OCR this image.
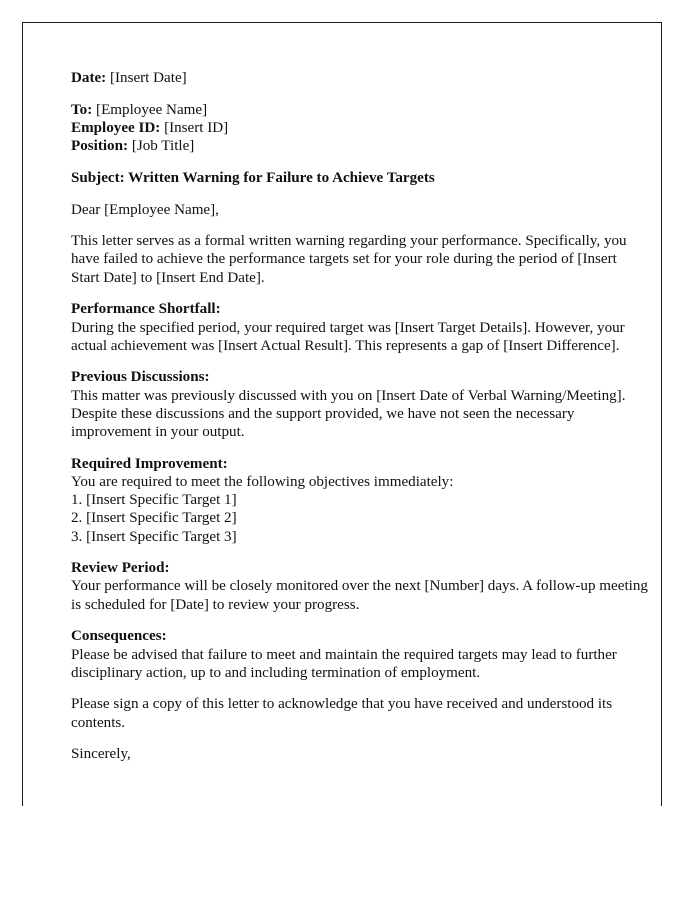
Date: [Insert Date]
To: [Employee Name]
Employee ID: [Insert ID]
Position: [Job Title]
Subject: Written Warning for Failure to Achieve Targets
Dear [Employee Name],

This letter serves as a formal written warning regarding your performance. Specifically, you have failed to achieve the performance targets set for your role during the period of [Insert Start Date] to [Insert End Date].

Performance Shortfall:

During the specified period, your required target was [Insert Target Details]. However, your actual achievement was [Insert Actual Result]. This represents a gap of [Insert Difference].

Previous Discussions:

This matter was previously discussed with you on [Insert Date of Verbal Warning/Meeting]. Despite these discussions and the support provided, we have not seen the necessary improvement in your output.

Required Improvement:
You are required to meet the following objectives immediately:
1. [Insert Specific Target 1]
2. [Insert Specific Target 2]
3. [Insert Specific Target 3]
Review Period:

Your performance will be closely monitored over the next [Number] days. A follow-up meeting is scheduled for [Date] to review your progress.

Consequences:

Please be advised that failure to meet and maintain the required targets may lead to further disciplinary action, up to and including termination of employment.

Please sign a copy of this letter to acknowledge that you have received and understood its contents.

Sincerely,
